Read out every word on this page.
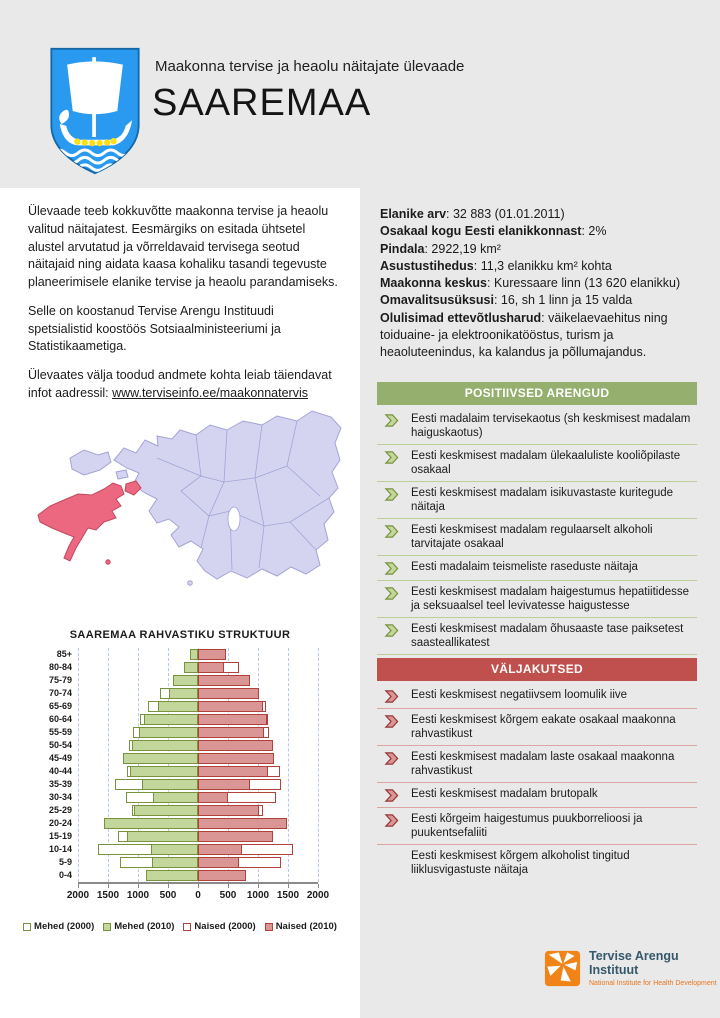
Maakonna tervise ja heaolu näitajate ülevaade
SAAREMAA

Ülevaade teeb kokkuvõtte maakonna tervise ja heaolu valitud näitajatest. Eesmärgiks on esitada ühtsetel alustel arvutatud ja võrreldavaid tervisega seotud näitajaid ning aidata kaasa kohaliku tasandi tegevuste planeerimisele elanike tervise ja heaolu parandamiseks.

Selle on koostanud Tervise Arengu Instituudi spetsialistid koostöös Sotsiaalministeeriumi ja Statistikaametiga.

Ülevaates välja toodud andmete kohta leiab täiendavat infot aadressil: www.terviseinfo.ee/maakonnatervis

SAAREMAA RAHVASTIKU STRUKTUUR
85+
80-84
75-79
70-74
65-69
60-64
55-59
50-54
45-49
40-44
35-39
30-34
25-29
20-24
15-19
10-14
5-9
0-4
2000 1500 1000	500	0	500	1000 1500 2000
Mehed (2000) Mehed (2010) Naised (2000) Naised (2010)
Elanike arv: 32 883 (01.01.2011)
Osakaal kogu Eesti elanikkonnast: 2%
Pindala: 2922,19 km²
Asustustihedus: 11,3 elanikku km² kohta
Maakonna keskus: Kuressaare linn (13 620 elanikku)
Omavalitsusüksusi: 16, sh 1 linn ja 15 valda
Olulisimad ettevõtlusharud: väikelaevaehitus ning toiduaine- ja elektroonikatööstus, turism ja heaoluteenindus, ka kalandus ja põllumajandus.
POSITIIVSED ARENGUD
Eesti madalaim tervisekaotus (sh keskmisest madalam haiguskaotus)
Eesti keskmisest madalam ülekaaluliste kooliõpilaste osakaal
Eesti keskmisest madalam isikuvastaste kuritegude näitaja
Eesti keskmisest madalam regulaarselt alkoholi tarvitajate osakaal
Eesti madalaim teismeliste raseduste näitaja
Eesti keskmisest madalam haigestumus hepatiitidesse ja seksuaalsel teel levivatesse haigustesse
Eesti keskmisest madalam õhusaaste tase paiksetest saasteallikatest
VÄLJAKUTSED
Eesti keskmisest negatiivsem loomulik iive
Eesti keskmisest kõrgem eakate osakaal maakonna rahvastikust
Eesti keskmisest madalam laste osakaal maakonna rahvastikust
Eesti keskmisest madalam brutopalk
Eesti kõrgeim haigestumus puukborrelioosi ja puukentsefaliiti
Eesti keskmisest kõrgem alkoholist tingitud liiklusvigastuste näitaja
Tervise Arengu Instituut
National Institute for Health Development
